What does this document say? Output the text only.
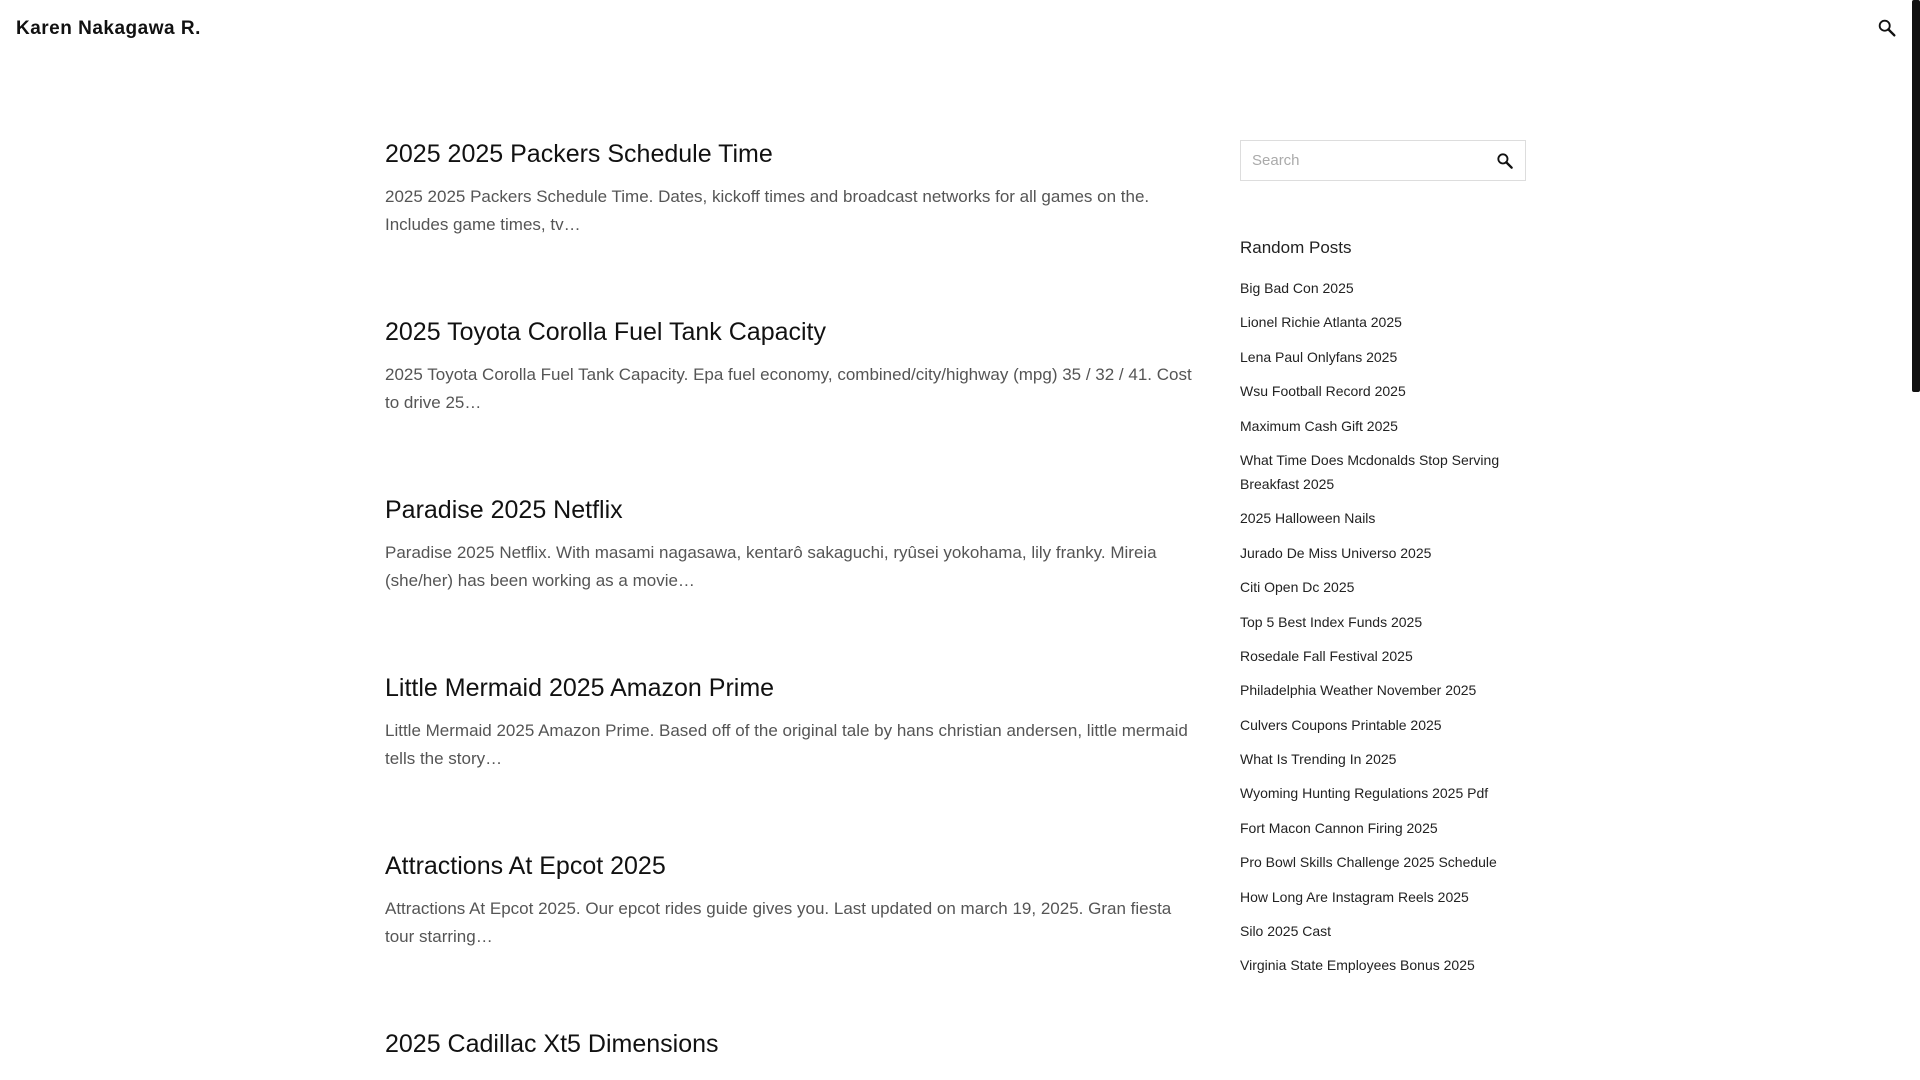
Karen Nakagawa R.
2025 2025 Packers Schedule Time

2025 2025 Packers Schedule Time. Dates, kickoff times and broadcast networks for all games on the. Includes game times, tv…

2025 Toyota Corolla Fuel Tank Capacity

2025 Toyota Corolla Fuel Tank Capacity. Epa fuel economy, combined/city/highway (mpg) 35 / 32 / 41. Cost to drive 25…

Paradise 2025 Netflix

Paradise 2025 Netflix. With masami nagasawa, kentarô sakaguchi, ryûsei yokohama, lily franky. Mireia (she/her) has been working as a movie…

Little Mermaid 2025 Amazon Prime

Little Mermaid 2025 Amazon Prime. Based off of the original tale by hans christian andersen, little mermaid tells the story…

Attractions At Epcot 2025

Attractions At Epcot 2025. Our epcot rides guide gives you. Last updated on march 19, 2025. Gran fiesta tour starring…

2025 Cadillac Xt5 Dimensions

Search
Random Posts
Big Bad Con 2025
Lionel Richie Atlanta 2025
Lena Paul Onlyfans 2025
Wsu Football Record 2025
Maximum Cash Gift 2025
What Time Does Mcdonalds Stop Serving Breakfast 2025
2025 Halloween Nails
Jurado De Miss Universo 2025
Citi Open Dc 2025
Top 5 Best Index Funds 2025
Rosedale Fall Festival 2025
Philadelphia Weather November 2025
Culvers Coupons Printable 2025
What Is Trending In 2025
Wyoming Hunting Regulations 2025 Pdf
Fort Macon Cannon Firing 2025
Pro Bowl Skills Challenge 2025 Schedule
How Long Are Instagram Reels 2025
Silo 2025 Cast
Virginia State Employees Bonus 2025
